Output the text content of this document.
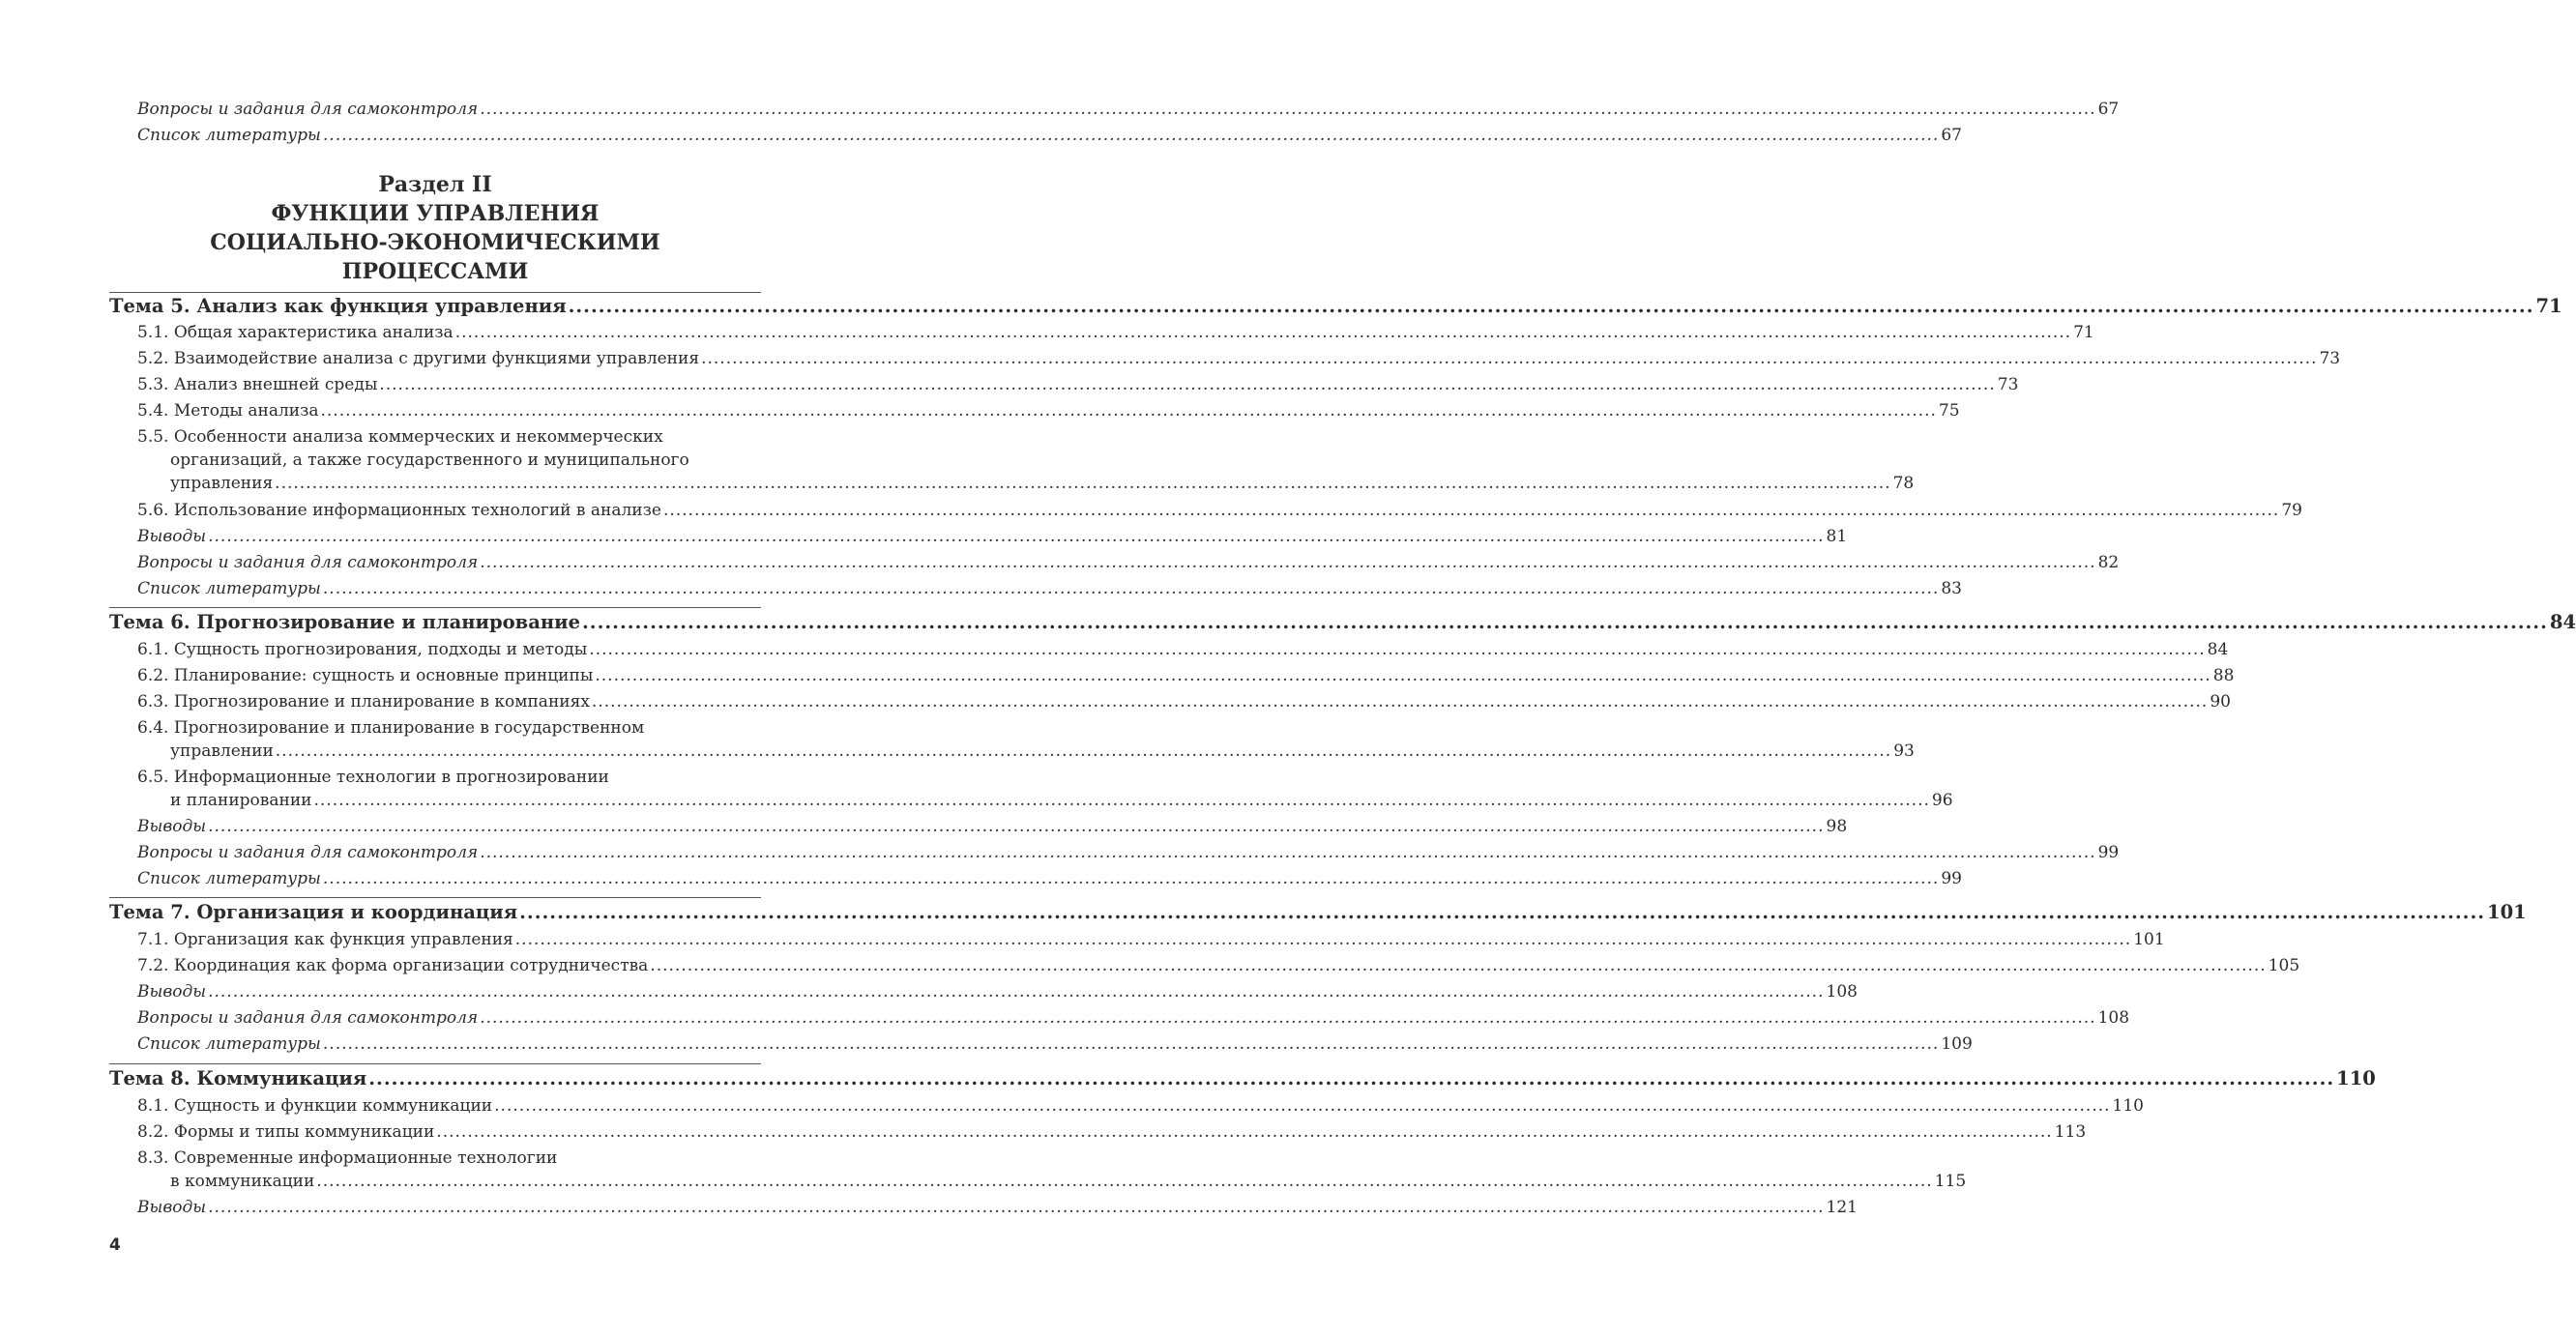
Вопросы и задания для самоконтроля .....	67
Список литературы .....	67
Раздел II
ФУНКЦИИ УПРАВЛЕНИЯ
СОЦИАЛЬНО-ЭКОНОМИЧЕСКИМИ
ПРОЦЕССАМИ
Тема 5. Анализ как функция управления .....	71
5.1. Общая характеристика анализа .....	71
5.2. Взаимодействие анализа с другими функциями управления .....	73
5.3. Анализ внешней среды .....	73
5.4. Методы анализа .....	75
5.5. Особенности анализа коммерческих и некоммерческих
организаций, а также государственного и муниципального
управления .....	78
5.6. Использование информационных технологий в анализе .....	79
Выводы .....	81
Вопросы и задания для самоконтроля .....	82
Список литературы .....	83
Тема 6. Прогнозирование и планирование .....	84
6.1. Сущность прогнозирования, подходы и методы .....	84
6.2. Планирование: сущность и основные принципы .....	88
6.3. Прогнозирование и планирование в компаниях .....	90
6.4. Прогнозирование и планирование в государственном
управлении .....	93
6.5. Информационные технологии в прогнозировании
и планировании .....	96
Выводы .....	98
Вопросы и задания для самоконтроля .....	99
Список литературы .....	99
Тема 7. Организация и координация .....	101
7.1. Организация как функция управления .....	101
7.2. Координация как форма организации сотрудничества .....	105
Выводы .....	108
Вопросы и задания для самоконтроля .....	108
Список литературы .....	109
Тема 8. Коммуникация .....	110
8.1. Сущность и функции коммуникации .....	110
8.2. Формы и типы коммуникации .....	113
8.3. Современные информационные технологии
в коммуникации .....	115
Выводы .....	121
4
